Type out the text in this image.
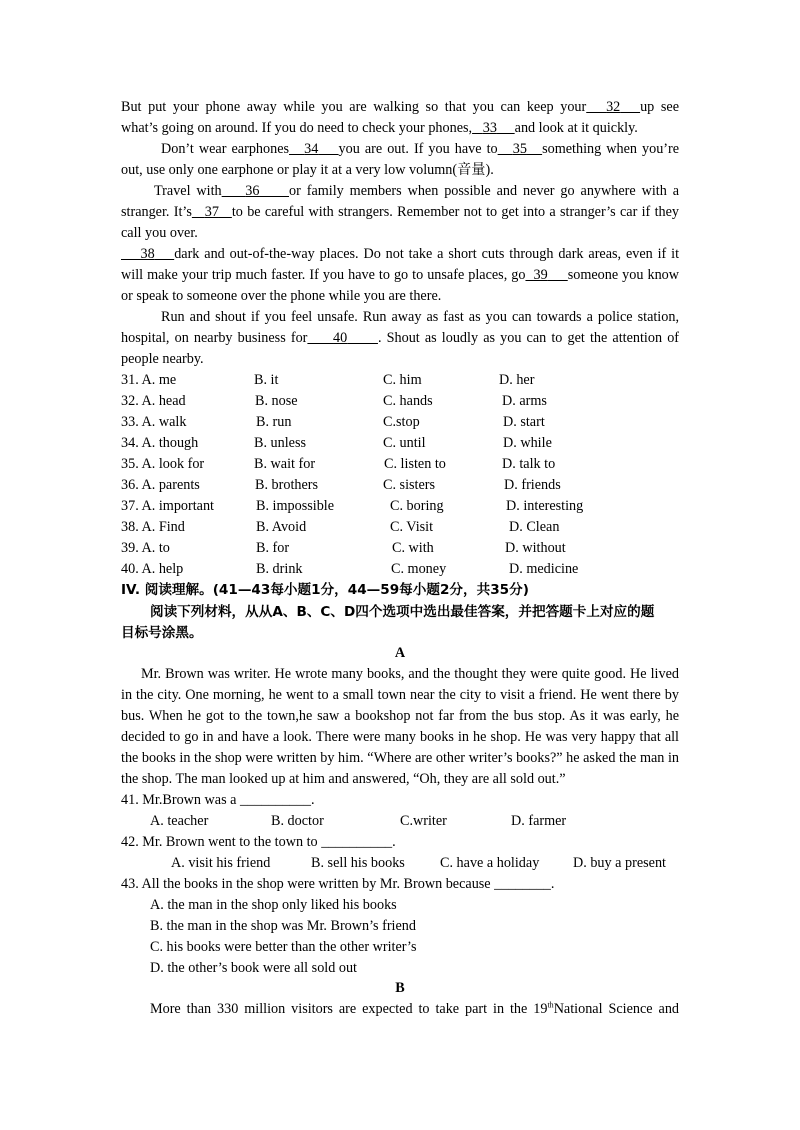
But put your phone away while you are walking so that you can keep your 32 up see
what’s going on around. If you do need to check your phones, 33 and look at it quickly.
Don’t wear earphones 34 you are out. If you have to 35 something when you’re
out, use only one earphone or play it at a very low volumn(音量).
Travel with 36 or family members when possible and never go anywhere with a
stranger. It’s 37 to be careful with strangers. Remember not to get into a stranger’s car if they
call you over.
38 dark and out-of-the-way places. Do not take a short cuts through dark areas, even if it
will make your trip much faster. If you have to go to unsafe places, go 39 someone you know
or speak to someone over the phone while you are there.
Run and shout if you feel unsafe. Run away as fast as you can towards a police station,
hospital, on nearby business for 40 . Shout as loudly as you can to get the attention of
people nearby.
31. A. me	B. it	C. him	D. her
32. A. head	B. nose	C. hands	D. arms
33. A. walk	B. run	C.stop	D. start
34. A. though	B. unless	C. until	D. while
35. A. look for	B. wait for	C. listen to	D. talk to
36. A. parents	B. brothers	C. sisters	D. friends
37. A. important	B. impossible	C. boring	D. interesting
38. A. Find	B. Avoid	C. Visit	D. Clean
39. A. to	B. for	C. with	D. without
40. A. help	B. drink	C. money	D. medicine
IV. 阅读理解。(41—43每小题1分，44—59每小题2分，共35分)
阅读下列材料，从从A、B、C、D四个选项中选出最佳答案，并把答题卡上对应的题
目标号涂黑。
A
Mr. Brown was writer. He wrote many books, and the thought they were quite good. He lived
in the city. One morning, he went to a small town near the city to visit a friend. He went there by
bus. When he got to the town,he saw a bookshop not far from the bus stop. As it was early, he
decided to go in and have a look. There were many books in he shop. He was very happy that all
the books in the shop were written by him. “Where are other writer’s books?” he asked the man in
the shop. The man looked up at him and answered, “Oh, they are all sold out.”
41. Mr.Brown was a __________.
A. teacher	B. doctor	C.writer	D. farmer
42. Mr. Brown went to the town to __________.
A. visit his friend	B. sell his books C. have a holiday D. buy a present
43. All the books in the shop were written by Mr. Brown because ________.
A. the man in the shop only liked his books
B. the man in the shop was Mr. Brown’s friend
C. his books were better than the other writer’s
D. the other’s book were all sold out
B
More than 330 million visitors are expected to take part in the 19thNational Science and
